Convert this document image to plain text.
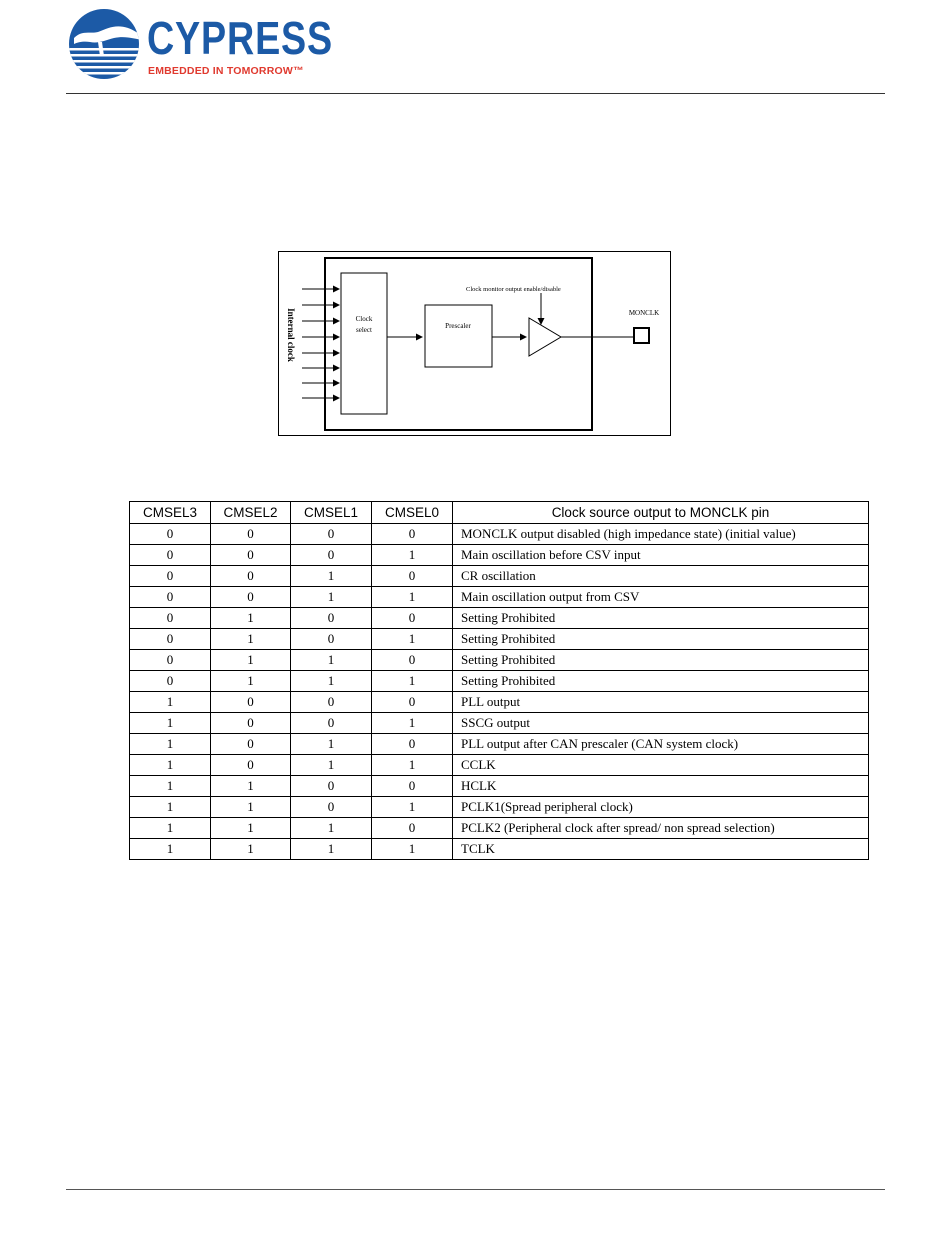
CYPRESS
EMBEDDED IN TOMORROW™
Internal clock	Clock
select	Prescaler
Clock monitor output enable/disable
MONCLK
CMSEL3	CMSEL2	CMSEL1	CMSEL0	Clock source output to MONCLK pin
0	0	0	0	MONCLK output disabled (high impedance state) (initial value)
0	0	0	1	Main oscillation before CSV input
0	0	1	0	CR oscillation
0	0	1	1	Main oscillation output from CSV
0	1	0	0	Setting Prohibited
0	1	0	1	Setting Prohibited
0	1	1	0	Setting Prohibited
0	1	1	1	Setting Prohibited
1	0	0	0	PLL output
1	0	0	1	SSCG output
1	0	1	0	PLL output after CAN prescaler (CAN system clock)
1	0	1	1	CCLK
1	1	0	0	HCLK
1	1	0	1	PCLK1(Spread peripheral clock)
1	1	1	0	PCLK2 (Peripheral clock after spread/ non spread selection)
1	1	1	1	TCLK
